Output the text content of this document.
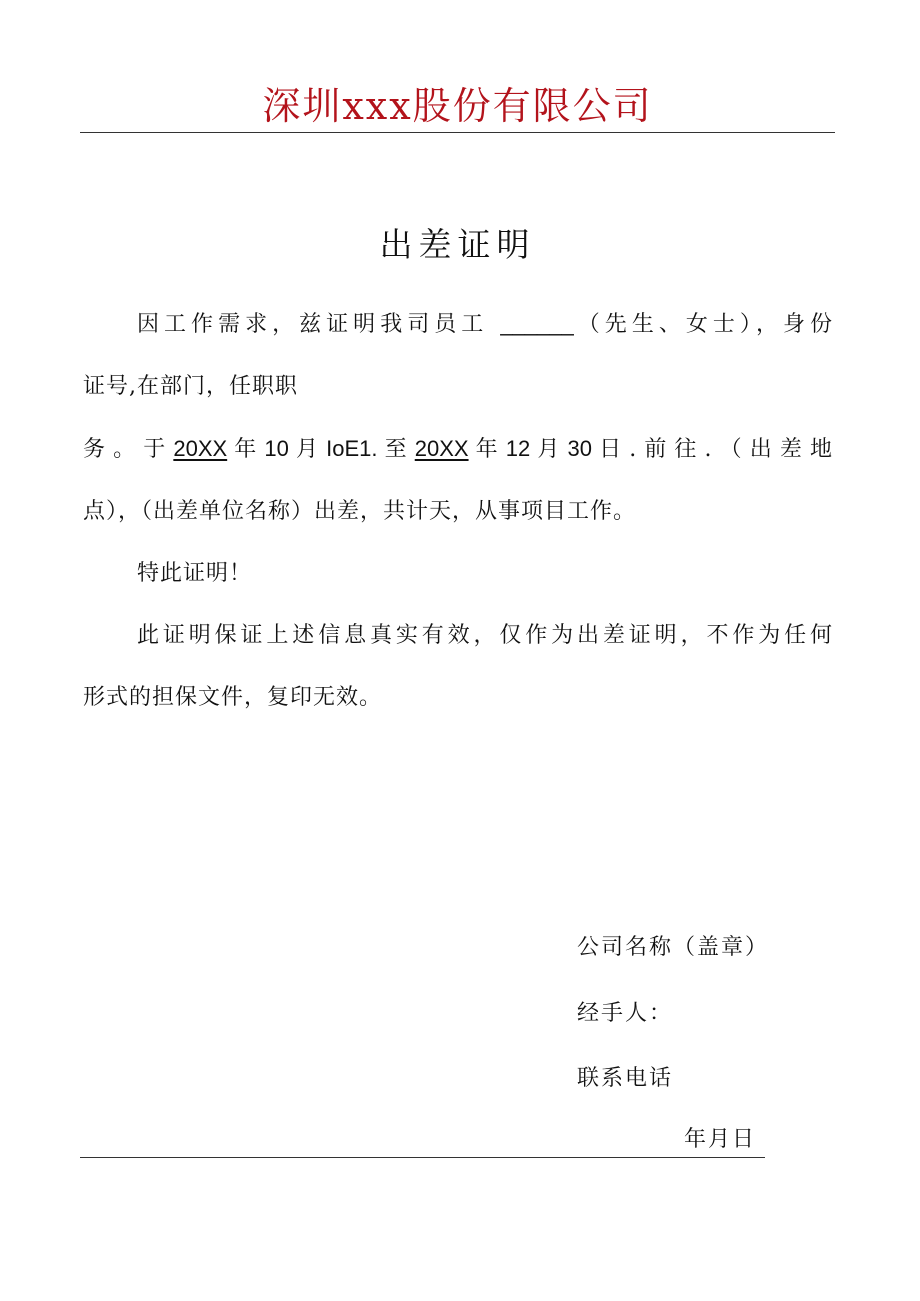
深圳xxx股份有限公司
出差证明

因工作需求，兹证明我司员工 ______（先生、女士），身份

证号,在部门，任职职

务。于20XX年10月IoE1.至20XX年12月30日.前往.（出差地

点），（出差单位名称）出差，共计天，从事项目工作。

特此证明！

此证明保证上述信息真实有效，仅作为出差证明，不作为任何

形式的担保文件，复印无效。

公司名称（盖章）
经手人：
联系电话
年月日
